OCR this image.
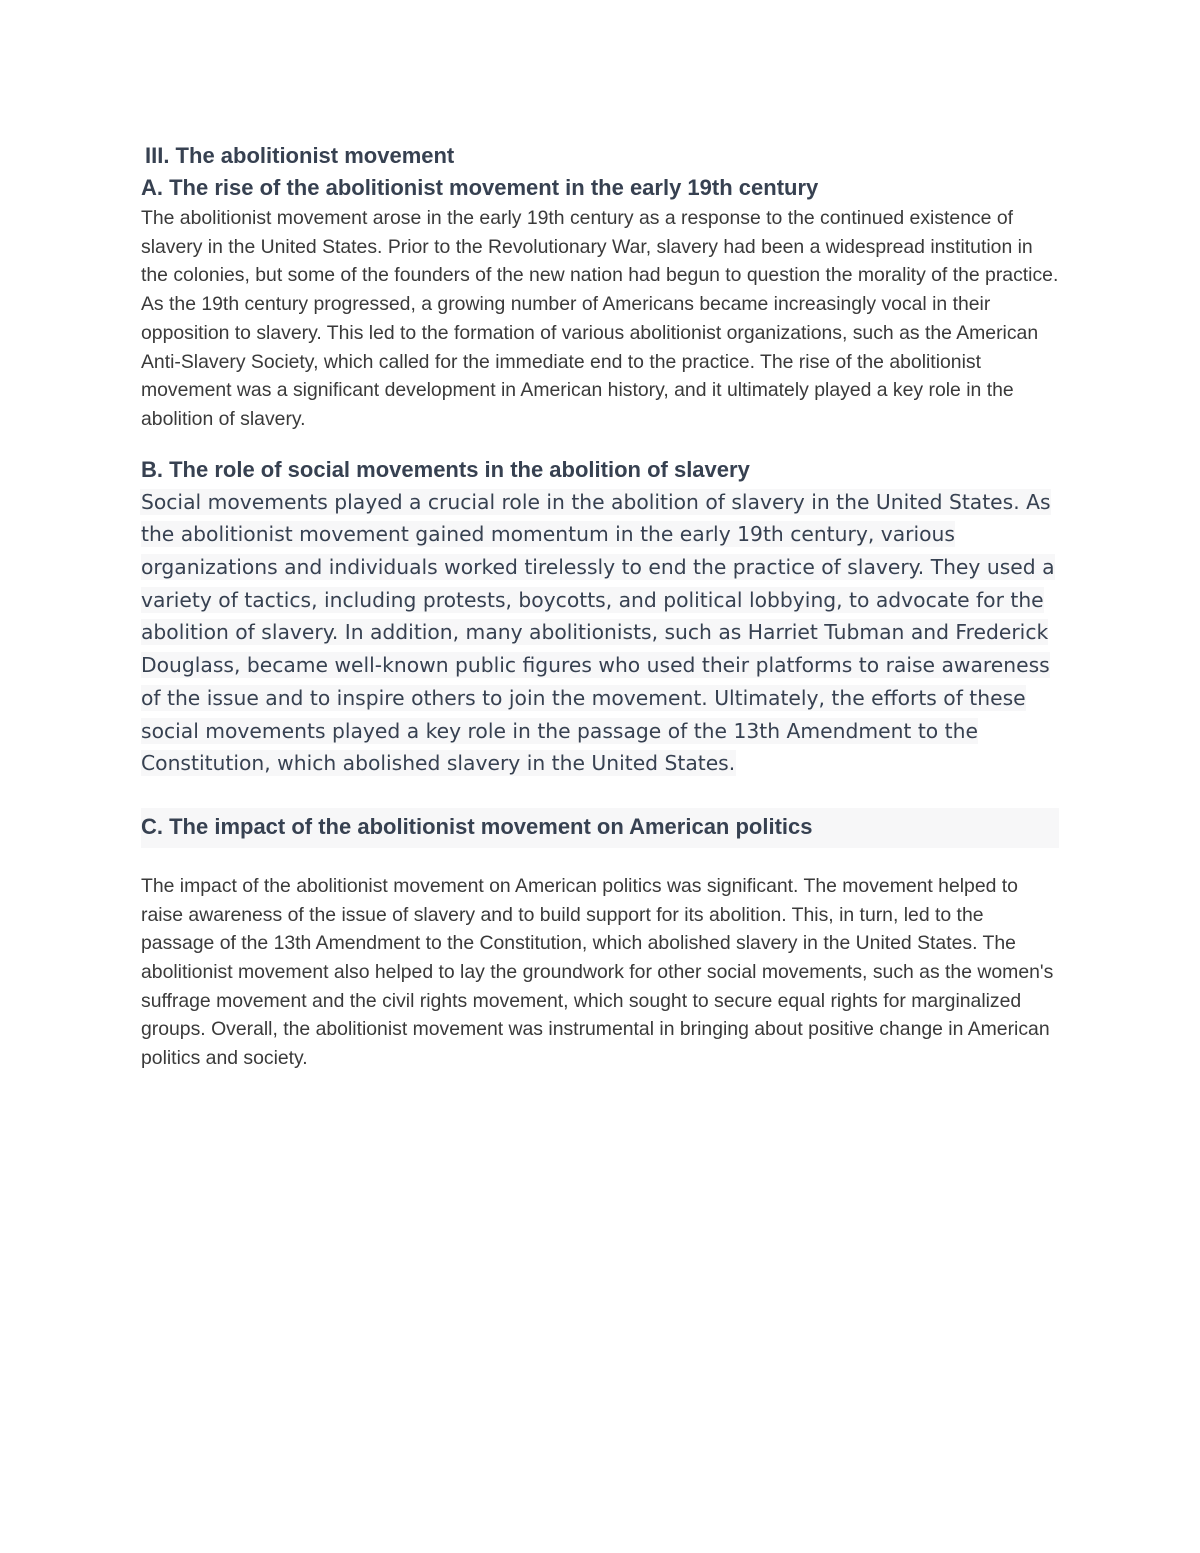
III. The abolitionist movement
A. The rise of the abolitionist movement in the early 19th century

The abolitionist movement arose in the early 19th century as a response to the continued existence of slavery in the United States. Prior to the Revolutionary War, slavery had been a widespread institution in the colonies, but some of the founders of the new nation had begun to question the morality of the practice. As the 19th century progressed, a growing number of Americans became increasingly vocal in their opposition to slavery. This led to the formation of various abolitionist organizations, such as the American Anti-Slavery Society, which called for the immediate end to the practice. The rise of the abolitionist movement was a significant development in American history, and it ultimately played a key role in the abolition of slavery.

B. The role of social movements in the abolition of slavery

Social movements played a crucial role in the abolition of slavery in the United States. As the abolitionist movement gained momentum in the early 19th century, various organizations and individuals worked tirelessly to end the practice of slavery. They used a variety of tactics, including protests, boycotts, and political lobbying, to advocate for the abolition of slavery. In addition, many abolitionists, such as Harriet Tubman and Frederick Douglass, became well-known public figures who used their platforms to raise awareness of the issue and to inspire others to join the movement. Ultimately, the efforts of these social movements played a key role in the passage of the 13th Amendment to the Constitution, which abolished slavery in the United States.

C. The impact of the abolitionist movement on American politics

The impact of the abolitionist movement on American politics was significant. The movement helped to raise awareness of the issue of slavery and to build support for its abolition. This, in turn, led to the passage of the 13th Amendment to the Constitution, which abolished slavery in the United States. The abolitionist movement also helped to lay the groundwork for other social movements, such as the women's suffrage movement and the civil rights movement, which sought to secure equal rights for marginalized groups. Overall, the abolitionist movement was instrumental in bringing about positive change in American politics and society.
